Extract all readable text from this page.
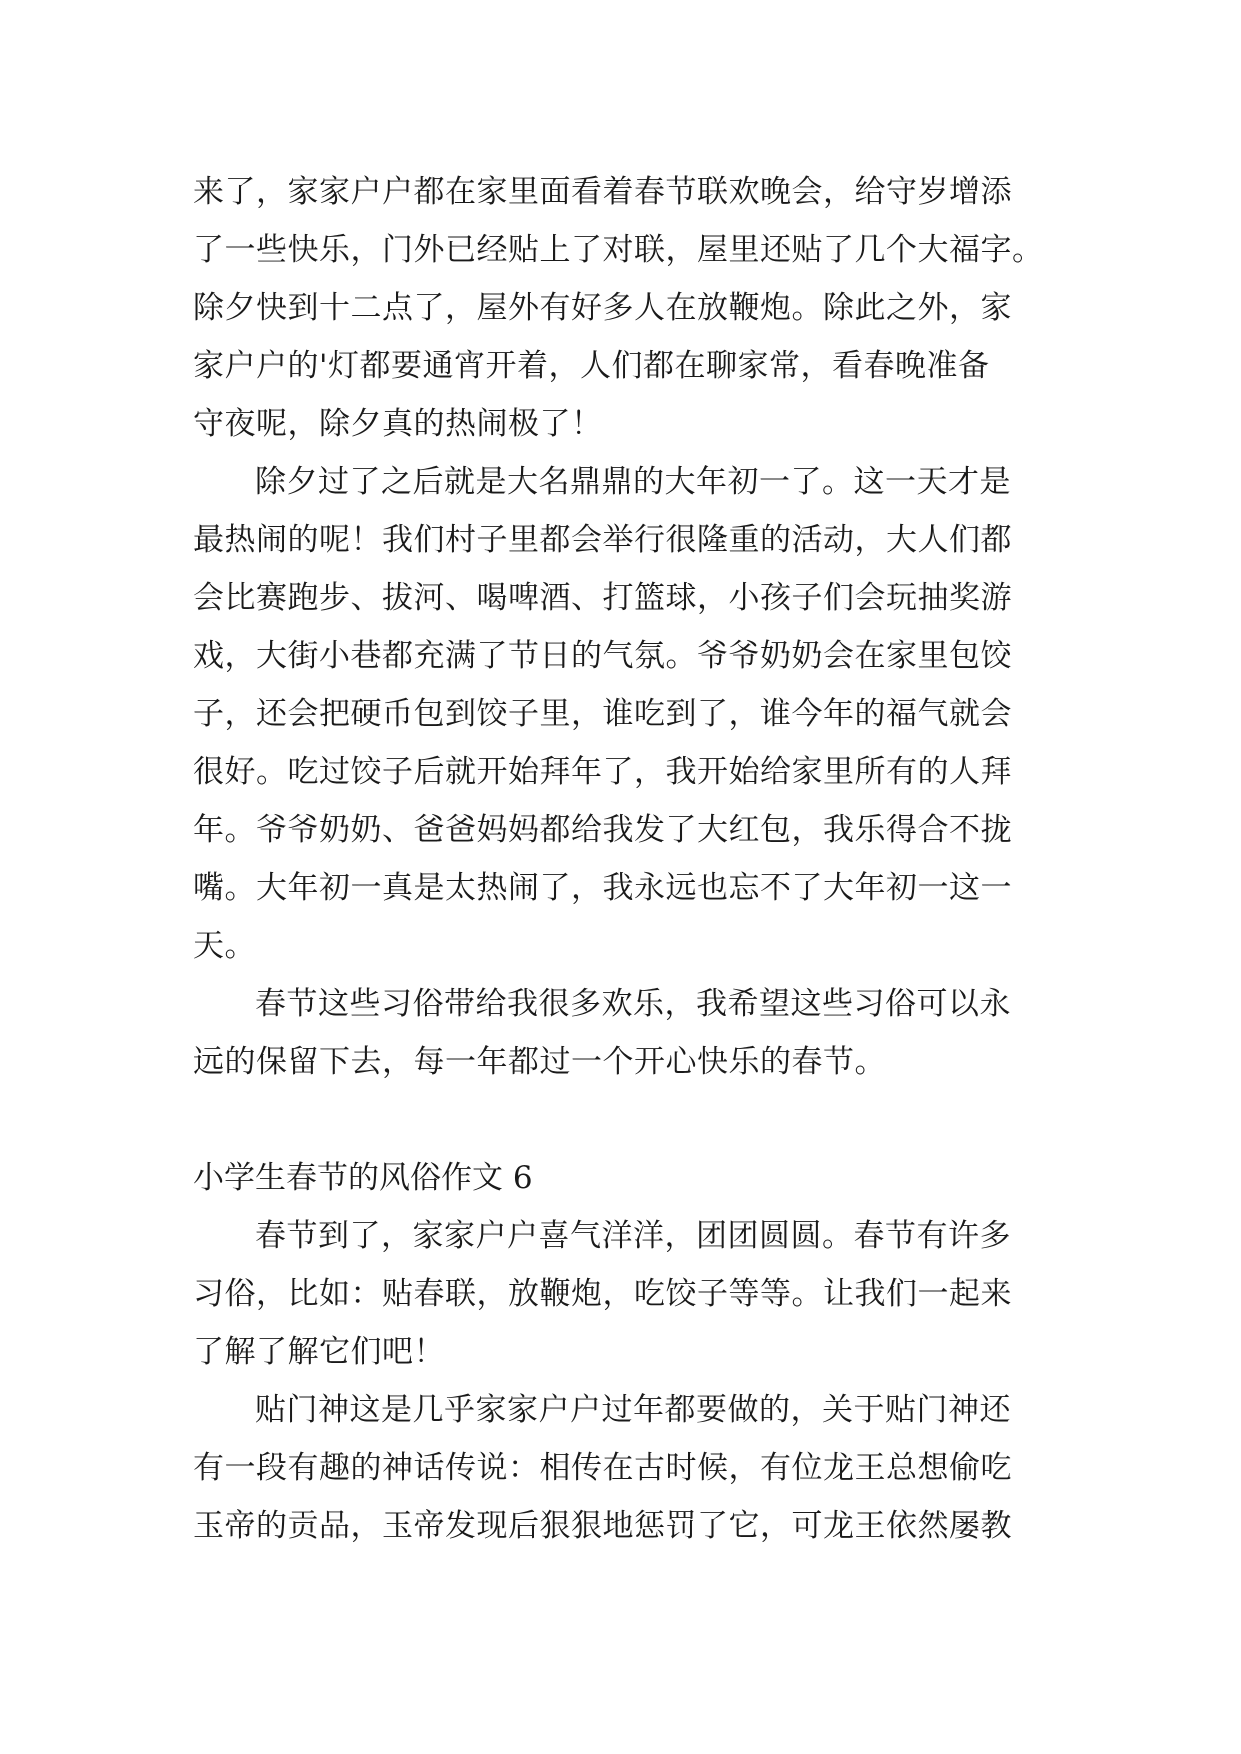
来了，家家户户都在家里面看着春节联欢晚会，给守岁增添
了一些快乐，门外已经贴上了对联，屋里还贴了几个大福字。
除夕快到十二点了，屋外有好多人在放鞭炮。除此之外，家
家户户的'灯都要通宵开着，人们都在聊家常，看春晚准备
守夜呢，除夕真的热闹极了！
除夕过了之后就是大名鼎鼎的大年初一了。这一天才是
最热闹的呢！我们村子里都会举行很隆重的活动，大人们都
会比赛跑步、拔河、喝啤酒、打篮球，小孩子们会玩抽奖游
戏，大街小巷都充满了节日的气氛。爷爷奶奶会在家里包饺
子，还会把硬币包到饺子里，谁吃到了，谁今年的福气就会
很好。吃过饺子后就开始拜年了，我开始给家里所有的人拜
年。爷爷奶奶、爸爸妈妈都给我发了大红包，我乐得合不拢
嘴。大年初一真是太热闹了，我永远也忘不了大年初一这一
天。
春节这些习俗带给我很多欢乐，我希望这些习俗可以永
远的保留下去，每一年都过一个开心快乐的春节。
小学生春节的风俗作文 6
春节到了，家家户户喜气洋洋，团团圆圆。春节有许多
习俗，比如：贴春联，放鞭炮，吃饺子等等。让我们一起来
了解了解它们吧！
贴门神这是几乎家家户户过年都要做的，关于贴门神还
有一段有趣的神话传说：相传在古时候，有位龙王总想偷吃
玉帝的贡品，玉帝发现后狠狠地惩罚了它，可龙王依然屡教
